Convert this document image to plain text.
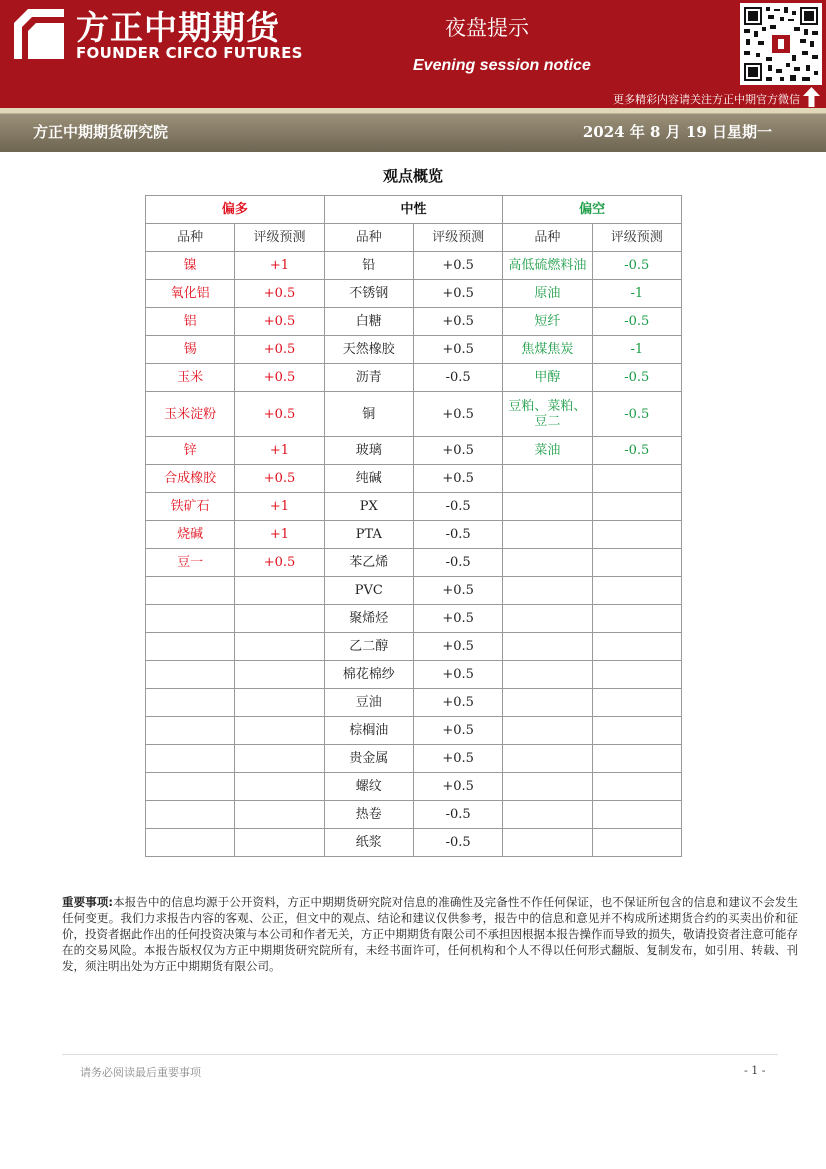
方正中期期货
FOUNDER CIFCO FUTURES
夜盘提示
Evening session notice
更多精彩内容请关注方正中期官方微信
方正中期期货研究院	2024 年 8 月 19 日星期一
观点概览
偏多		中性		偏空	
品种	评级预测	品种	评级预测	品种	评级预测
镍	+1	铅	+0.5	高低硫燃料油	-0.5
氧化铝	+0.5	不锈钢	+0.5	原油	-1
铝	+0.5	白糖	+0.5	短纤	-0.5
锡	+0.5	天然橡胶	+0.5	焦煤焦炭	-1
玉米	+0.5	沥青	-0.5	甲醇	-0.5
玉米淀粉	+0.5	铜	+0.5	豆粕、菜粕、豆二	-0.5
锌	+1	玻璃	+0.5	菜油	-0.5
合成橡胶	+0.5	纯碱	+0.5		
铁矿石	+1	PX	-0.5		
烧碱	+1	PTA	-0.5		
豆一	+0.5	苯乙烯	-0.5		
		PVC	+0.5		
		聚烯烃	+0.5		
		乙二醇	+0.5		
		棉花棉纱	+0.5		
		豆油	+0.5		
		棕榈油	+0.5		
		贵金属	+0.5		
		螺纹	+0.5		
		热卷	-0.5		
		纸浆	-0.5		
重要事项:本报告中的信息均源于公开资料，方正中期期货研究院对信息的准确性及完备性不作任何保证，也不保证所包含的信息和建议不会发生任何变更。我们力求报告内容的客观、公正，但文中的观点、结论和建议仅供参考，报告中的信息和意见并不构成所述期货合约的买卖出价和征价，投资者据此作出的任何投资决策与本公司和作者无关，方正中期期货有限公司不承担因根据本报告操作而导致的损失，敬请投资者注意可能存在的交易风险。本报告版权仅为方正中期期货研究院所有，未经书面许可，任何机构和个人不得以任何形式翻版、复制发布，如引用、转载、刊发，须注明出处为方正中期期货有限公司。
请务必阅读最后重要事项	- 1 -
